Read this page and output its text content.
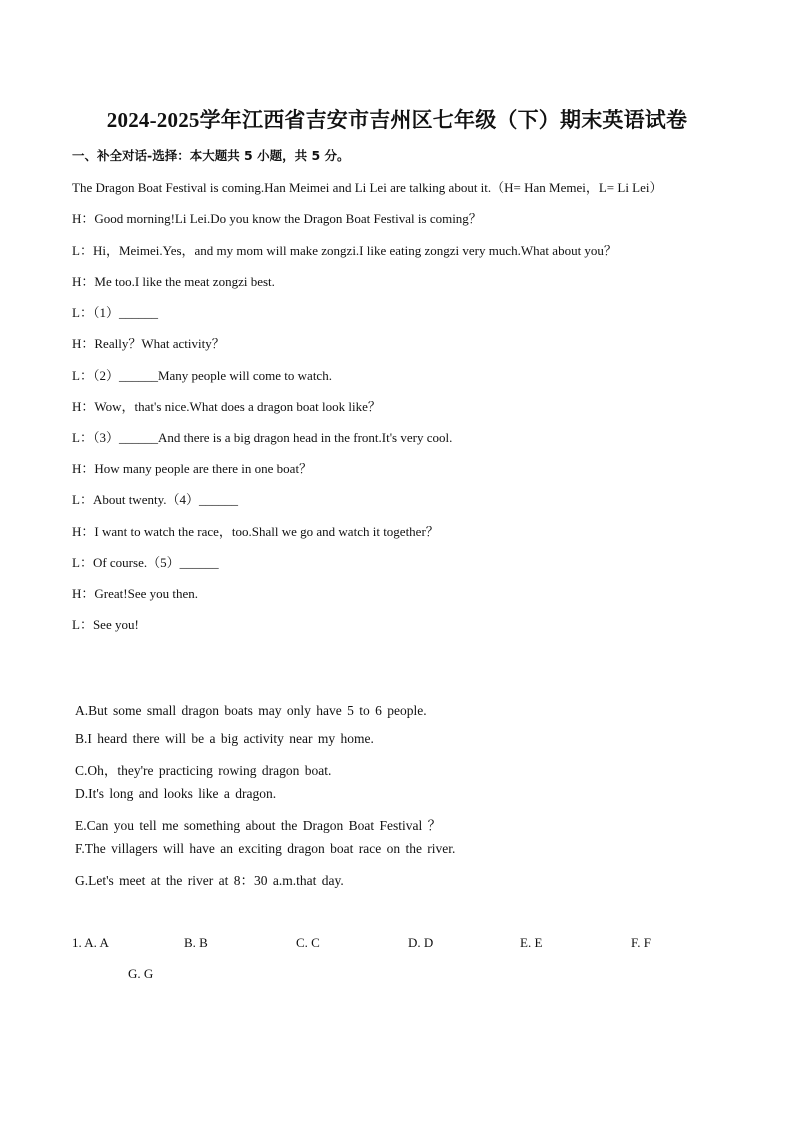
2024-2025学年江西省吉安市吉州区七年级（下）期末英语试卷
一、补全对话-选择：本大题共 5 小题，共 5 分。
The Dragon Boat Festival is coming.Han Meimei and Li Lei are talking about it.（H= Han Memei，L= Li Lei）
H：Good morning!Li Lei.Do you know the Dragon Boat Festival is coming？
L：Hi，Meimei.Yes，and my mom will make zongzi.I like eating zongzi very much.What about you？
H：Me too.I like the meat zongzi best.
L：（1）______
H：Really？What activity？
L：（2）______Many people will come to watch.
H：Wow，that's nice.What does a dragon boat look like？
L：（3）______And there is a big dragon head in the front.It's very cool.
H：How many people are there in one boat？
L：About twenty.（4）______
H：I want to watch the race，too.Shall we go and watch it together？
L：Of course.（5）______
H：Great!See you then.
L：See you!
A.But some small dragon boats may only have 5 to 6 people.
B.I heard there will be a big activity near my home.
C.Oh，they're practicing rowing dragon boat.
D.It's long and looks like a dragon.
E.Can you tell me something about the Dragon Boat Festival ？
F.The villagers will have an exciting dragon boat race on the river.
G.Let's meet at the river at 8：30 a.m.that day.
1. A. A	B. B	C. C	D. D	E. E	F. F
G. G
